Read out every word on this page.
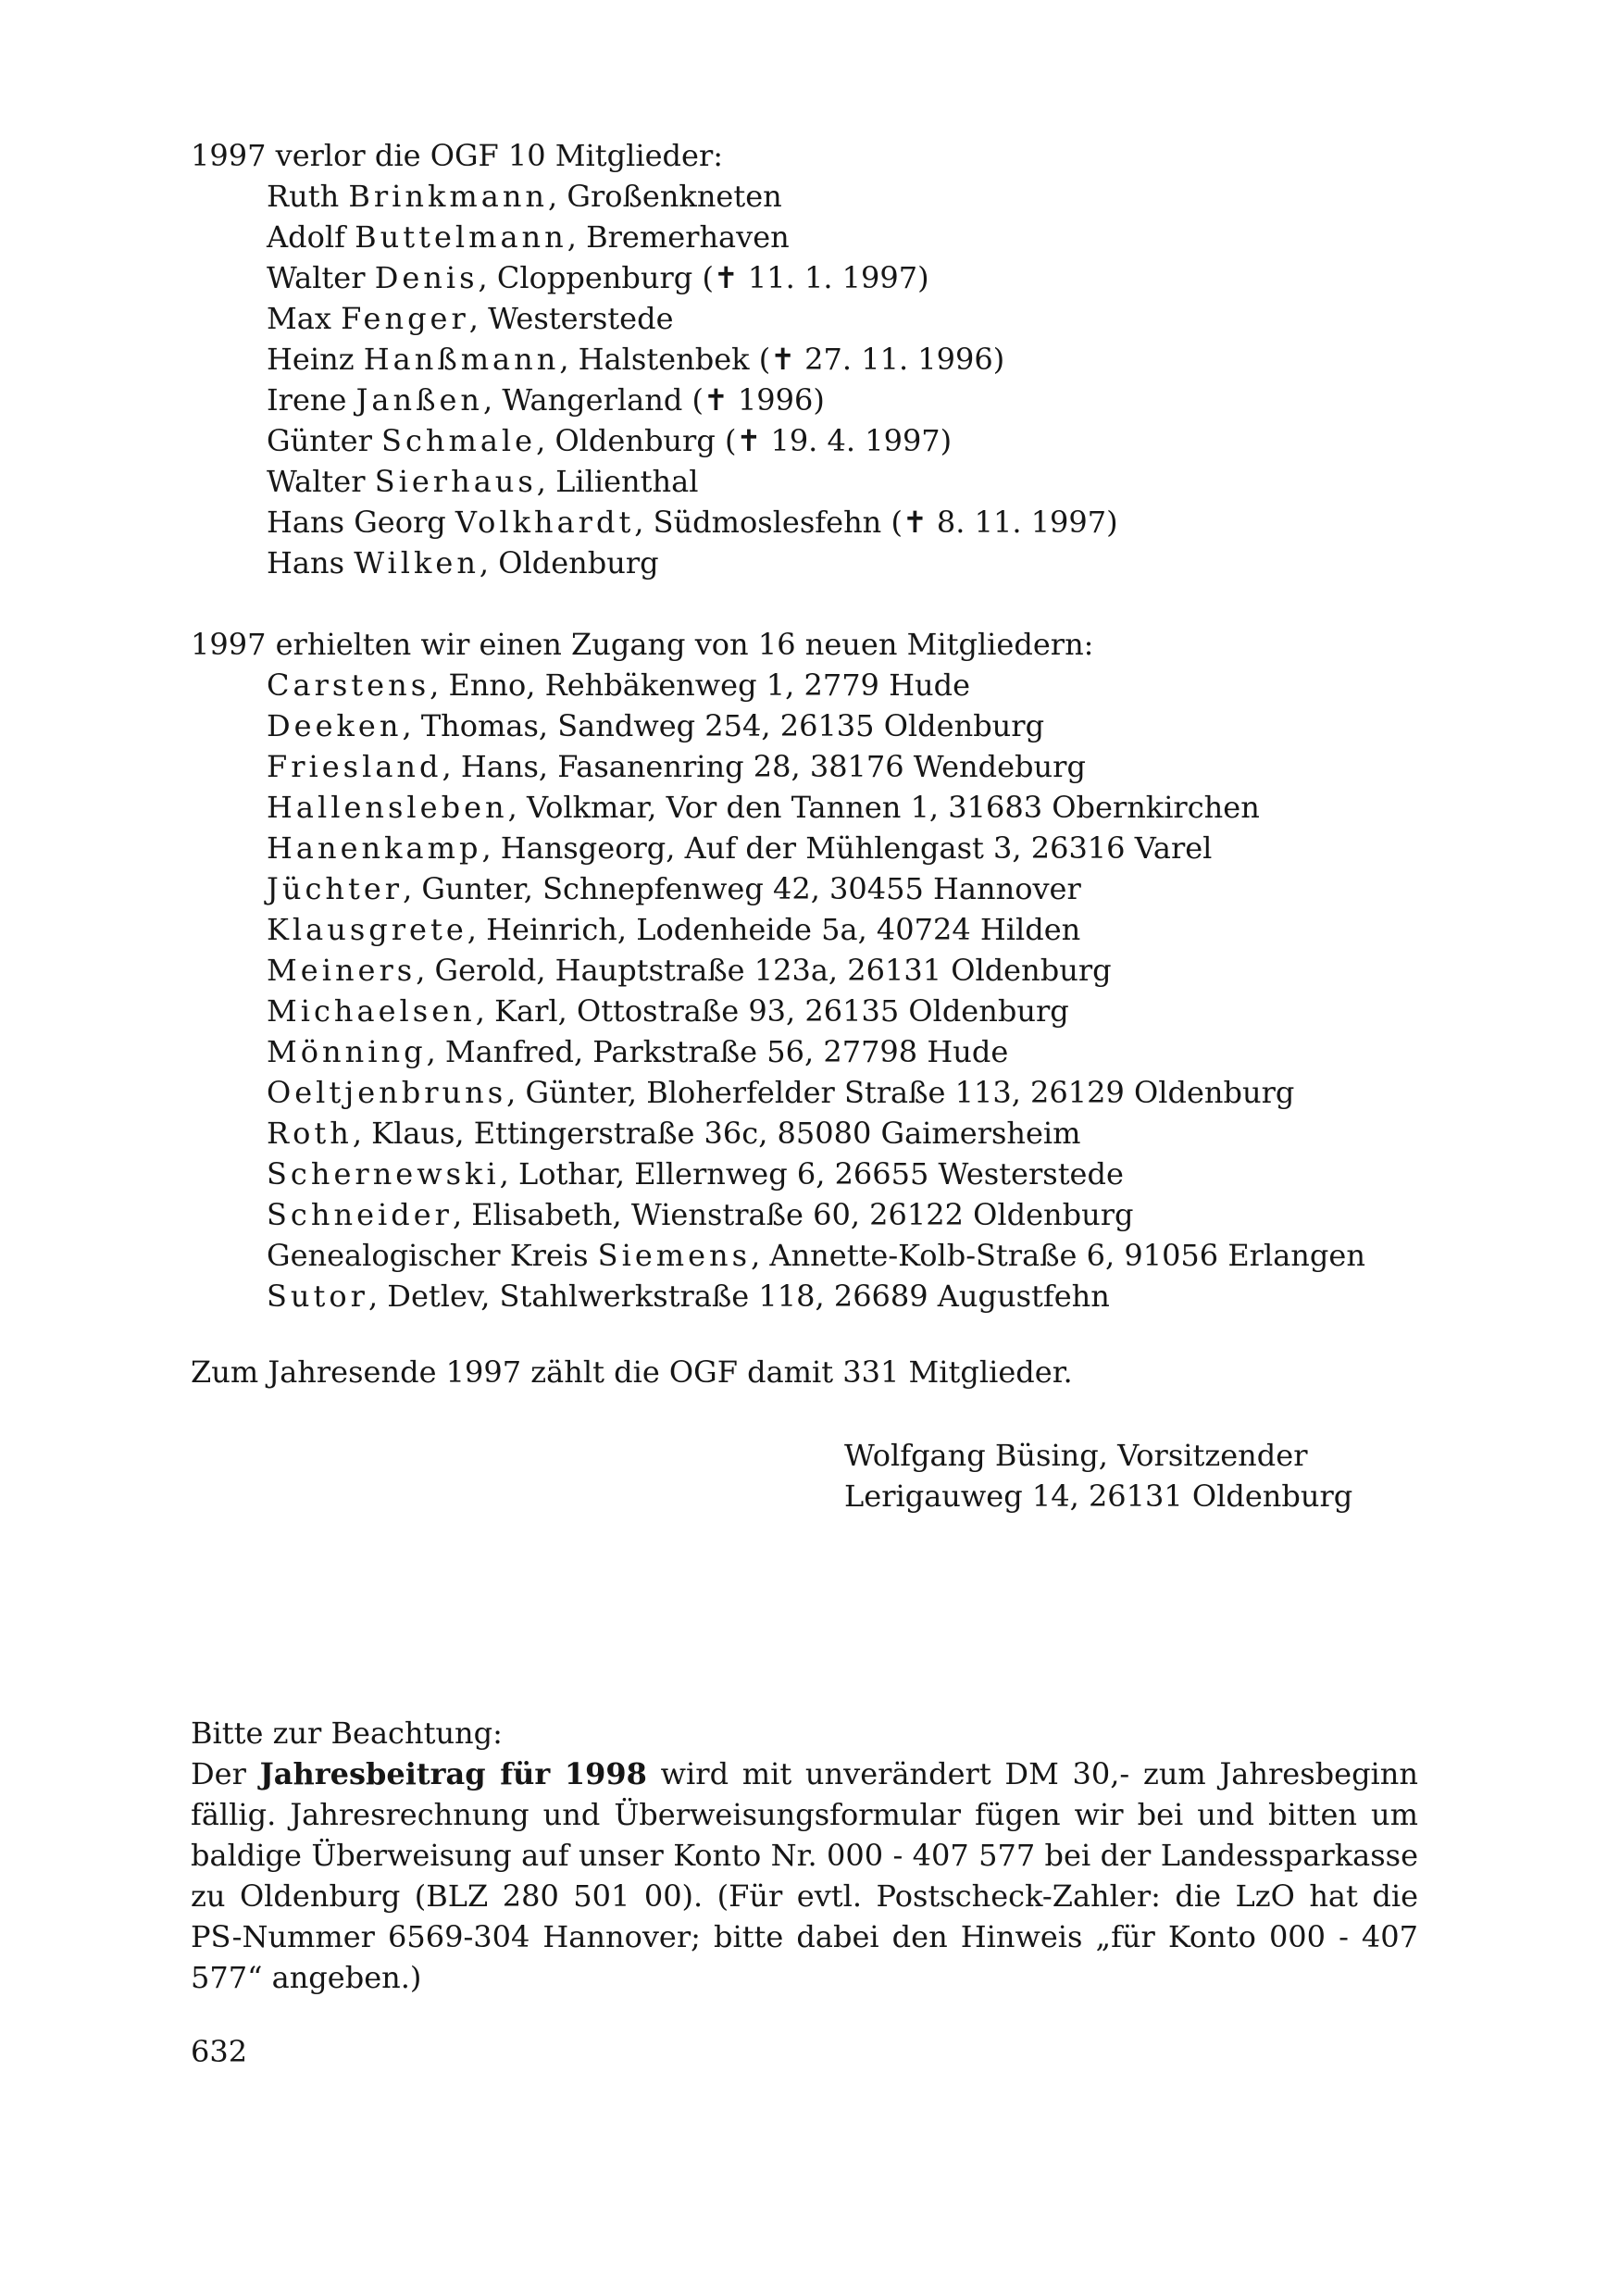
1997 verlor die OGF 10 Mitglieder:
Ruth Brinkmann, Großenkneten
Adolf Buttelmann, Bremerhaven
Walter Denis, Cloppenburg (✝ 11. 1. 1997)
Max Fenger, Westerstede
Heinz Hanßmann, Halstenbek (✝ 27. 11. 1996)
Irene Janßen, Wangerland (✝ 1996)
Günter Schmale, Oldenburg (✝ 19. 4. 1997)
Walter Sierhaus, Lilienthal
Hans Georg Volkhardt, Südmoslesfehn (✝ 8. 11. 1997)
Hans Wilken, Oldenburg
1997 erhielten wir einen Zugang von 16 neuen Mitgliedern:
Carstens, Enno, Rehbäkenweg 1, 2779 Hude
Deeken, Thomas, Sandweg 254, 26135 Oldenburg
Friesland, Hans, Fasanenring 28, 38176 Wendeburg
Hallensleben, Volkmar, Vor den Tannen 1, 31683 Obernkirchen
Hanenkamp, Hansgeorg, Auf der Mühlengast 3, 26316 Varel
Jüchter, Gunter, Schnepfenweg 42, 30455 Hannover
Klausgrete, Heinrich, Lodenheide 5a, 40724 Hilden
Meiners, Gerold, Hauptstraße 123a, 26131 Oldenburg
Michaelsen, Karl, Ottostraße 93, 26135 Oldenburg
Mönning, Manfred, Parkstraße 56, 27798 Hude
Oeltjenbruns, Günter, Bloherfelder Straße 113, 26129 Oldenburg
Roth, Klaus, Ettingerstraße 36c, 85080 Gaimersheim
Schernewski, Lothar, Ellernweg 6, 26655 Westerstede
Schneider, Elisabeth, Wienstraße 60, 26122 Oldenburg
Genealogischer Kreis Siemens, Annette-Kolb-Straße 6, 91056 Erlangen
Sutor, Detlev, Stahlwerkstraße 118, 26689 Augustfehn
Zum Jahresende 1997 zählt die OGF damit 331 Mitglieder.
Wolfgang Büsing, Vorsitzender
Lerigauweg 14, 26131 Oldenburg
Bitte zur Beachtung:
Der Jahresbeitrag für 1998 wird mit unverändert DM 30,- zum Jahresbeginn fällig. Jahresrechnung und Überweisungsformular fügen wir bei und bitten um baldige Überweisung auf unser Konto Nr. 000 - 407 577 bei der Landessparkasse zu Oldenburg (BLZ 280 501 00). (Für evtl. Postscheck-Zahler: die LzO hat die PS-Nummer 6569-304 Hannover; bitte dabei den Hinweis „für Konto 000 - 407 577“ angeben.)
632
